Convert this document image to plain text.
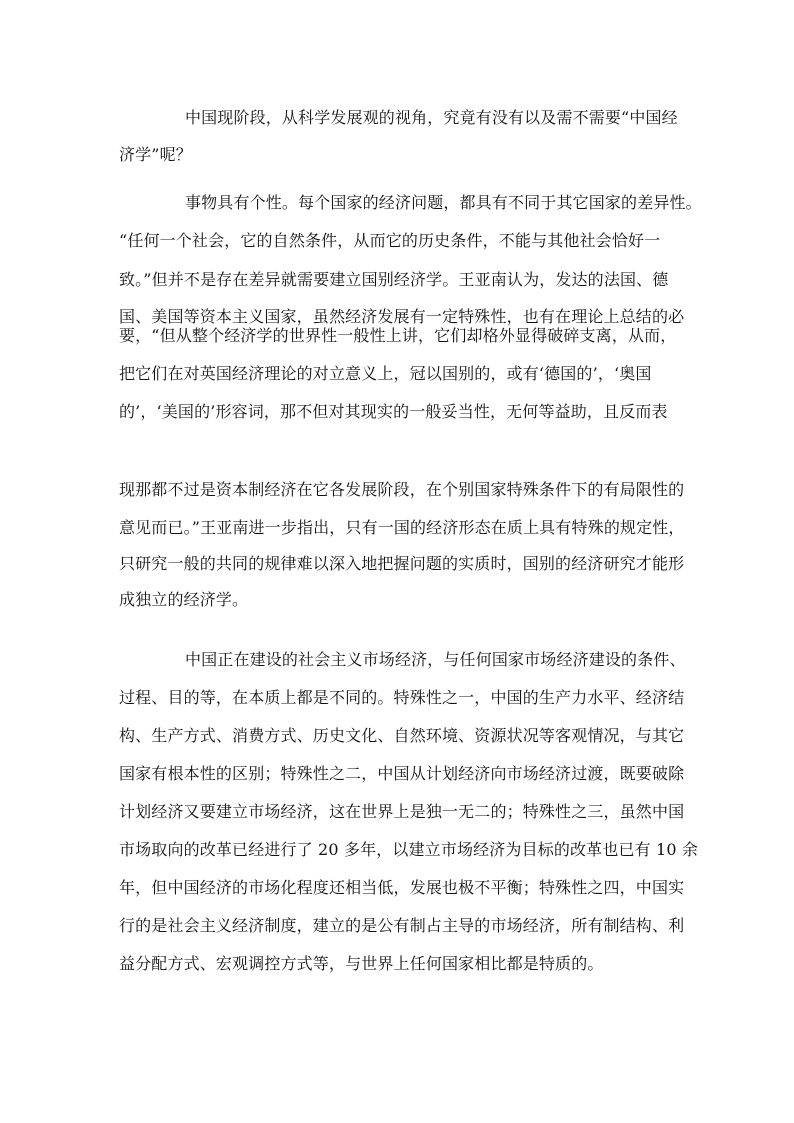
中国现阶段，从科学发展观的视角，究竟有没有以及需不需要“中国经

济学”呢？

事物具有个性。每个国家的经济问题，都具有不同于其它国家的差异性。

“任何一个社会，它的自然条件，从而它的历史条件，不能与其他社会恰好一

致。”但并不是存在差异就需要建立国别经济学。王亚南认为，发达的法国、德

国、美国等资本主义国家，虽然经济发展有一定特殊性，也有在理论上总结的必

要，“但从整个经济学的世界性一般性上讲，它们却格外显得破碎支离，从而，

把它们在对英国经济理论的对立意义上，冠以国别的，或有‘德国的’，‘奥国

的’，‘美国的’形容词，那不但对其现实的一般妥当性，无何等益助，且反而表

现那都不过是资本制经济在它各发展阶段，在个别国家特殊条件下的有局限性的

意见而已。”王亚南进一步指出，只有一国的经济形态在质上具有特殊的规定性，

只研究一般的共同的规律难以深入地把握问题的实质时，国别的经济研究才能形

成独立的经济学。

中国正在建设的社会主义市场经济，与任何国家市场经济建设的条件、

过程、目的等，在本质上都是不同的。特殊性之一，中国的生产力水平、经济结

构、生产方式、消费方式、历史文化、自然环境、资源状况等客观情况，与其它

国家有根本性的区别；特殊性之二，中国从计划经济向市场经济过渡，既要破除

计划经济又要建立市场经济，这在世界上是独一无二的；特殊性之三，虽然中国

市场取向的改革已经进行了 20 多年，以建立市场经济为目标的改革也已有 10 余

年，但中国经济的市场化程度还相当低，发展也极不平衡；特殊性之四，中国实

行的是社会主义经济制度，建立的是公有制占主导的市场经济，所有制结构、利

益分配方式、宏观调控方式等，与世界上任何国家相比都是特质的。
